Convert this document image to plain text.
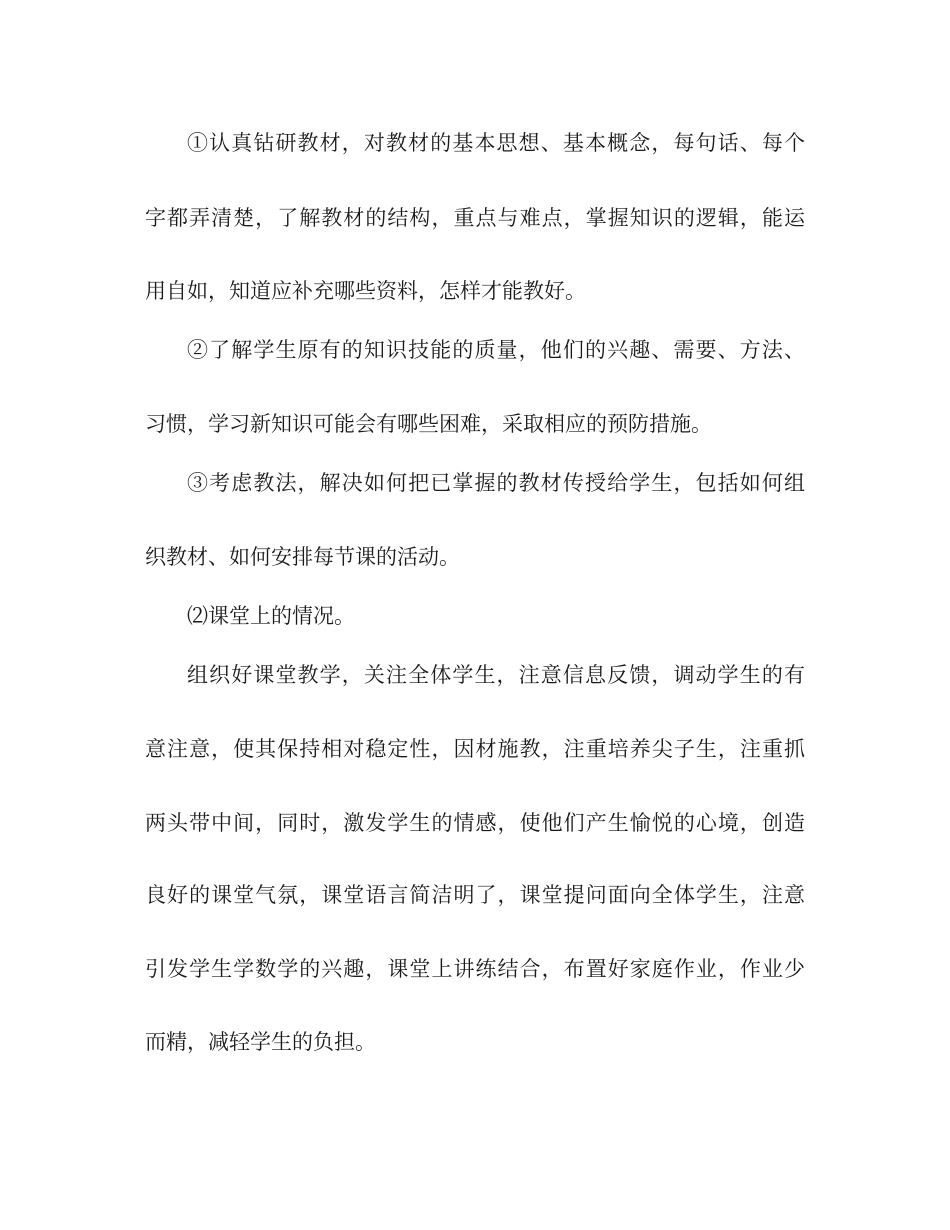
①认真钻研教材，对教材的基本思想、基本概念，每句话、每个
字都弄清楚，了解教材的结构，重点与难点，掌握知识的逻辑，能运
用自如，知道应补充哪些资料，怎样才能教好。
②了解学生原有的知识技能的质量，他们的兴趣、需要、方法、
习惯，学习新知识可能会有哪些困难，采取相应的预防措施。
③考虑教法，解决如何把已掌握的教材传授给学生，包括如何组
织教材、如何安排每节课的活动。
⑵课堂上的情况。
组织好课堂教学，关注全体学生，注意信息反馈，调动学生的有
意注意，使其保持相对稳定性，因材施教，注重培养尖子生，注重抓
两头带中间，同时，激发学生的情感，使他们产生愉悦的心境，创造
良好的课堂气氛，课堂语言简洁明了，课堂提问面向全体学生，注意
引发学生学数学的兴趣，课堂上讲练结合，布置好家庭作业，作业少
而精，减轻学生的负担。
